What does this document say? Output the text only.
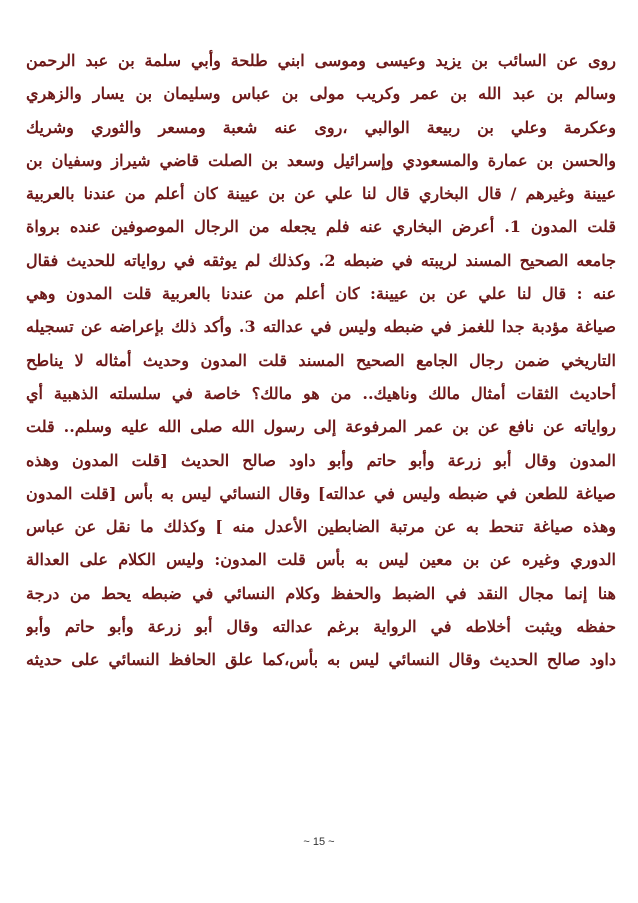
روى عن السائب بن يزيد وعيسى وموسى ابني طلحة وأبي سلمة بن عبد الرحمن
وسالم بن عبد الله بن عمر وكريب مولى بن عباس وسليمان بن يسار والزهري
وعكرمة وعلي بن ربيعة الوالبي ،روى عنه شعبة ومسعر والثوري وشريك
والحسن بن عمارة والمسعودي وإسرائيل وسعد بن الصلت قاضي شيراز وسفيان بن
عيينة وغيرهم / قال البخاري قال لنا علي عن بن عيينة كان أعلم من عندنا بالعربية
قلت المدون 1. أعرض البخاري عنه فلم يجعله من الرجال الموصوفين عنده برواة
جامعه الصحيح المسند لريبته في ضبطه 2. وكذلك لم يوثقه في رواياته للحديث فقال
عنه : قال لنا علي عن بن عيينة: كان أعلم من عندنا بالعربية قلت المدون وهي
صياغة مؤدبة جدا للغمز في ضبطه وليس في عدالته 3. وأكد ذلك بإعراضه عن تسجيله
التاريخي ضمن رجال الجامع الصحيح المسند قلت المدون وحديث أمثاله لا يناطح
أحاديث الثقات أمثال مالك وناهيك.. من هو مالك؟ خاصة في سلسلته الذهبية أي
رواياته عن نافع عن بن عمر المرفوعة إلى رسول الله صلى الله عليه وسلم.. قلت
المدون وقال أبو زرعة وأبو حاتم وأبو داود صالح الحديث [قلت المدون وهذه
صياغة للطعن في ضبطه وليس في عدالته] وقال النسائي ليس به بأس [قلت المدون
وهذه صياغة تنحط به عن مرتبة الضابطين الأعدل منه ] وكذلك ما نقل عن عباس
الدوري وغيره عن بن معين ليس به بأس قلت المدون: وليس الكلام على العدالة
هنا إنما مجال النقد في الضبط والحفظ وكلام النسائي في ضبطه يحط من درجة
حفظه ويثبت أخلاطه في الرواية برغم عدالته وقال أبو زرعة وأبو حاتم وأبو
داود صالح الحديث وقال النسائي ليس به بأس،كما علق الحافظ النسائي على حديثه
~ 15 ~
